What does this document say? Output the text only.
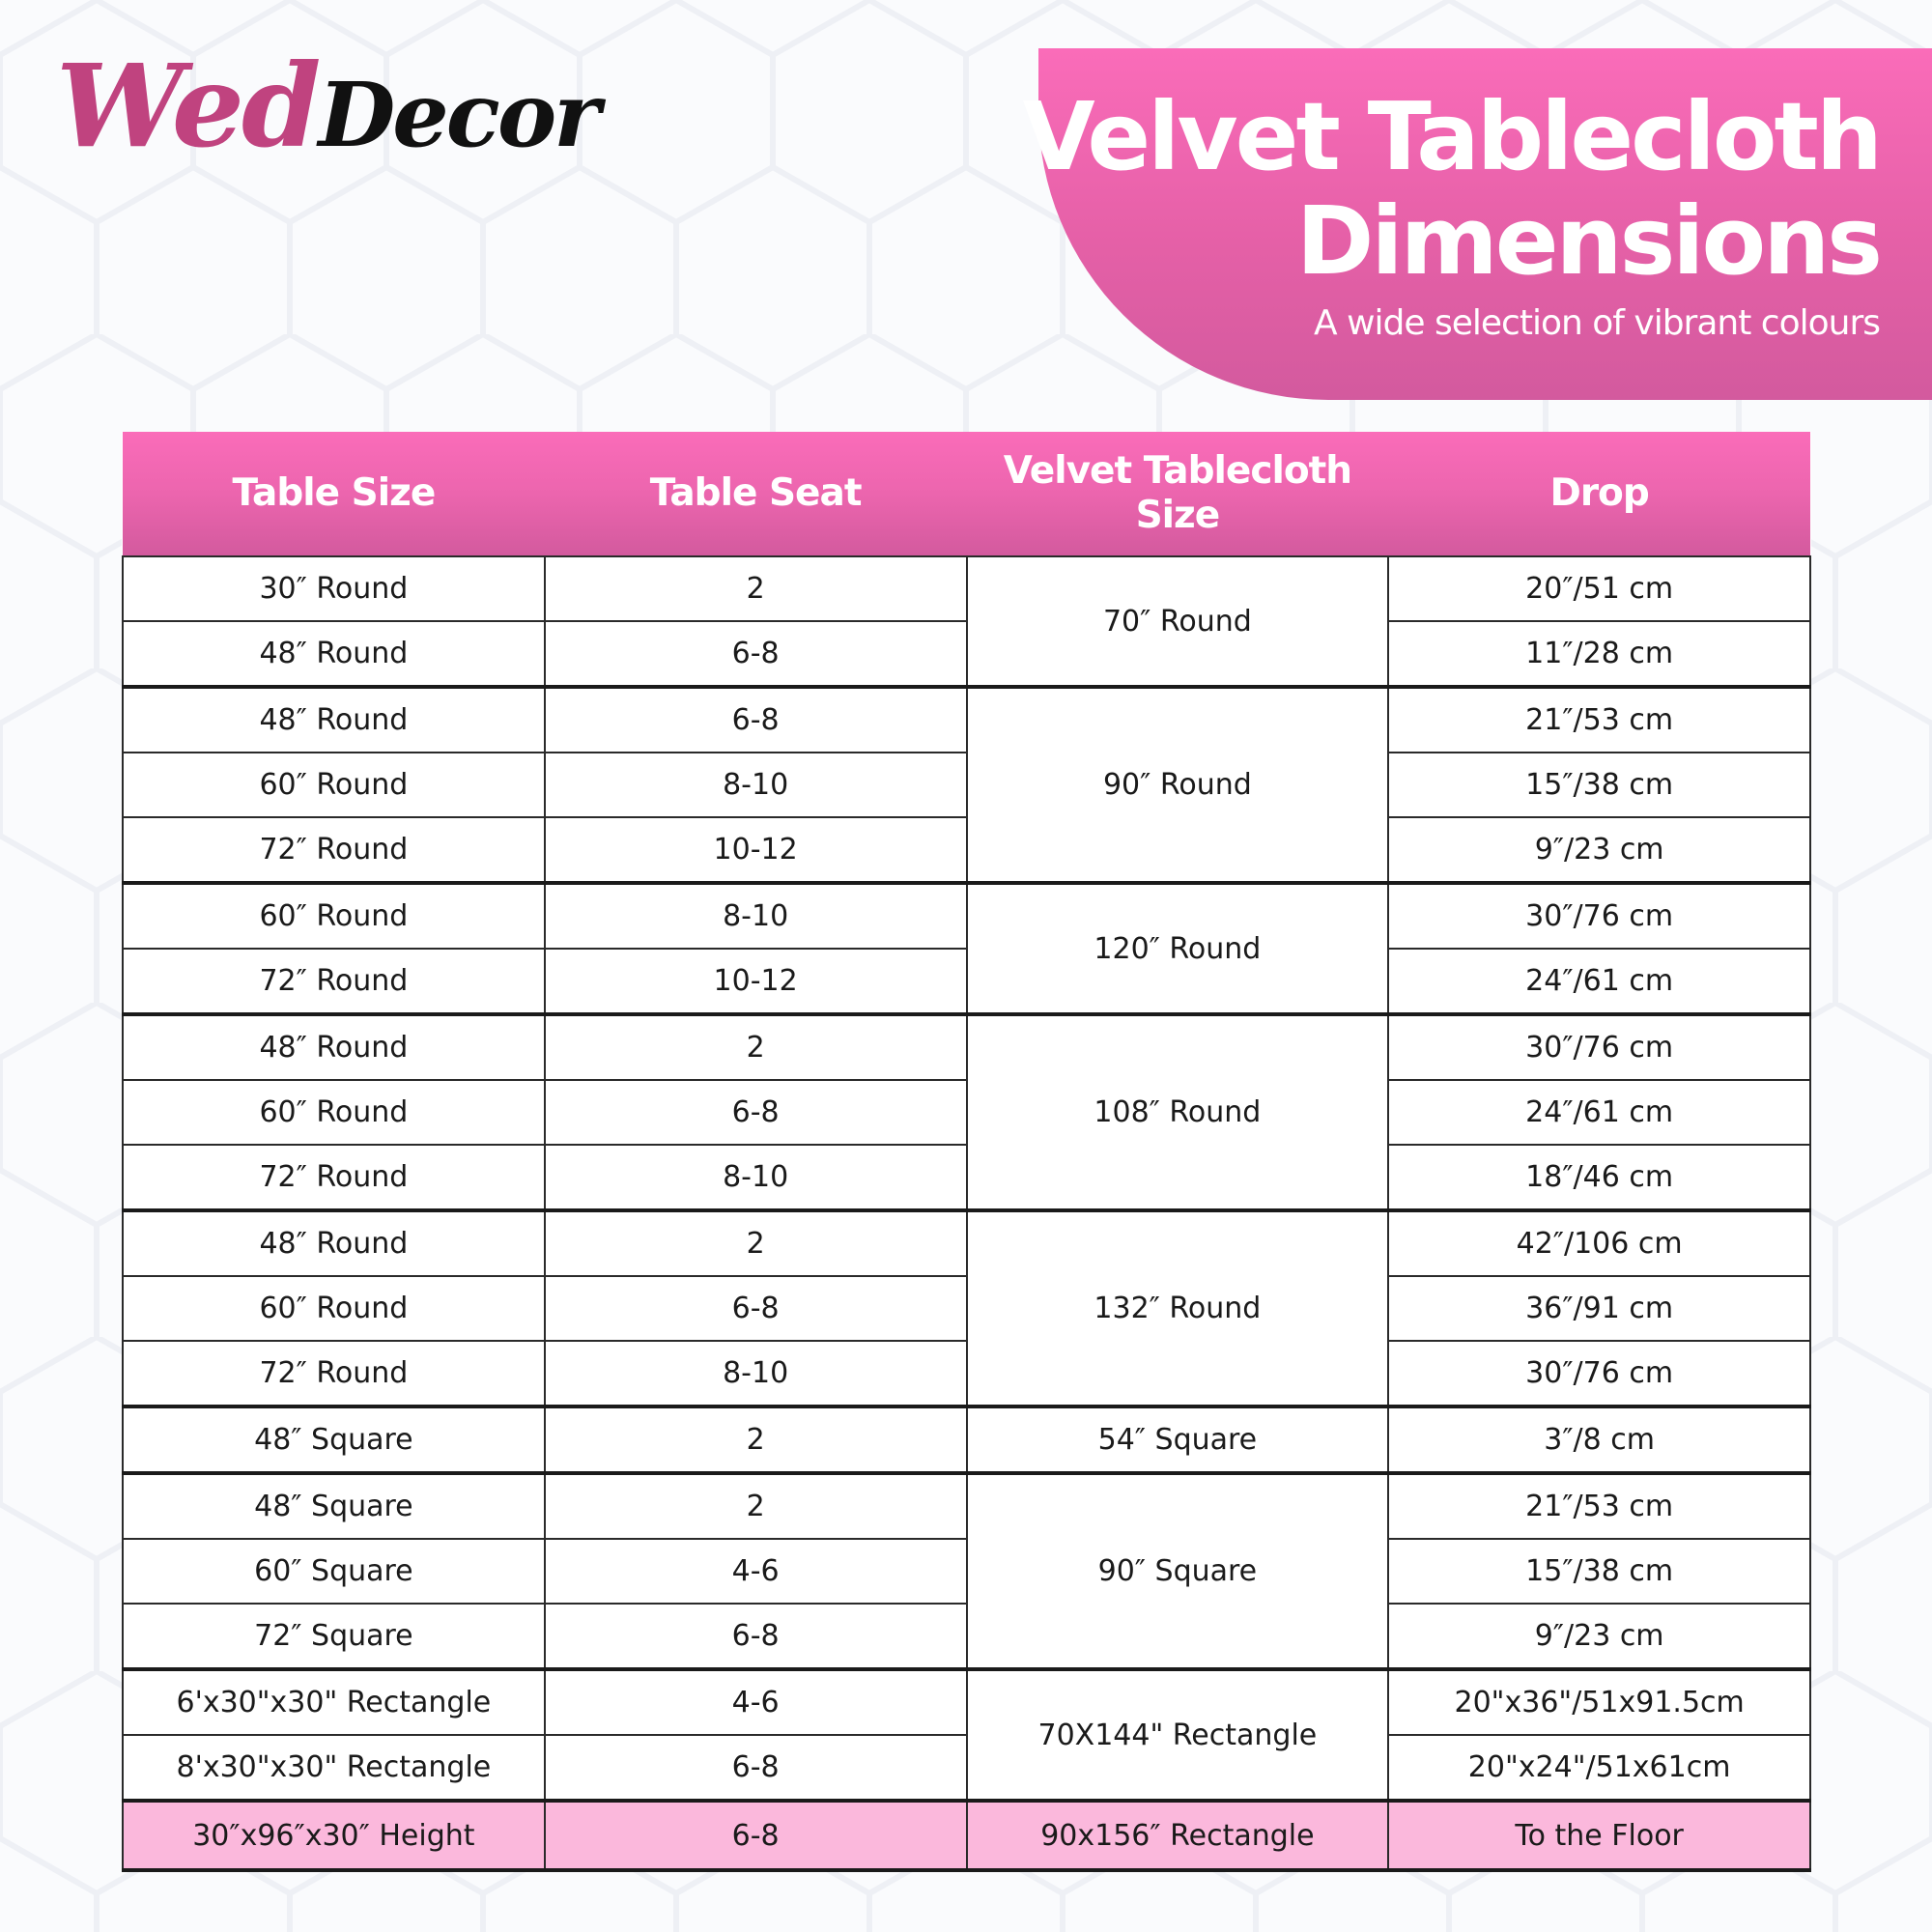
WedDecor	Velvet Tablecloth
Dimensions
A wide selection of vibrant colours
Table Size	Table Seat	Velvet Tablecloth Size	Drop
30″ Round	2	70″ Round	20″/51 cm
48″ Round	6-8		11″/28 cm
48″ Round	6-8	90″ Round	21″/53 cm
60″ Round	8-10		15″/38 cm
72″ Round	10-12		9″/23 cm
60″ Round	8-10	120″ Round	30″/76 cm
72″ Round	10-12		24″/61 cm
48″ Round	2	108″ Round	30″/76 cm
60″ Round	6-8		24″/61 cm
72″ Round	8-10		18″/46 cm
48″ Round	2	132″ Round	42″/106 cm
60″ Round	6-8		36″/91 cm
72″ Round	8-10		30″/76 cm
48″ Square	2	54″ Square	3″/8 cm
48″ Square	2	90″ Square	21″/53 cm
60″ Square	4-6		15″/38 cm
72″ Square	6-8		9″/23 cm
6'x30"x30" Rectangle	4-6	70X144" Rectangle	20"x36"/51x91.5cm
8'x30"x30" Rectangle	6-8		20"x24"/51x61cm
30″x96″x30″ Height	6-8	90x156″ Rectangle	To the Floor
